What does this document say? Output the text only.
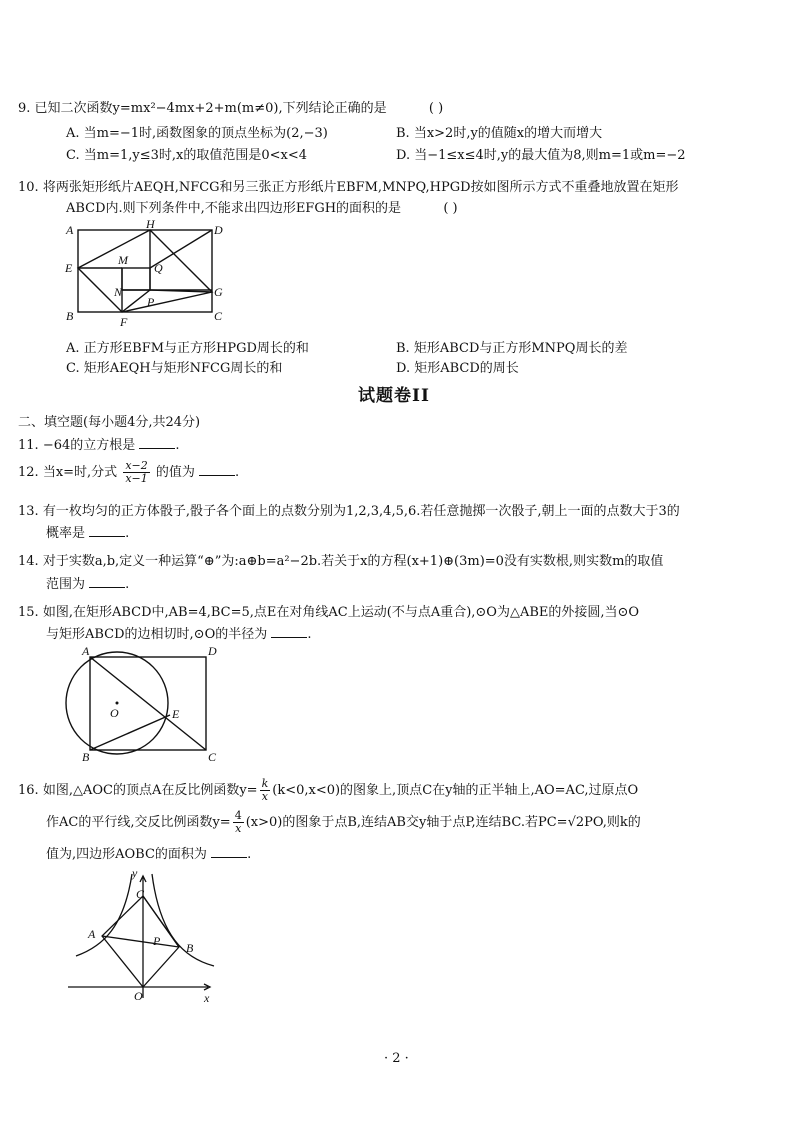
9. 已知二次函数y=mx²−4mx+2+m(m≠0),下列结论正确的是	( )
A. 当m=−1时,函数图象的顶点坐标为(2,−3)	B. 当x>2时,y的值随x的增大而增大
C. 当m=1,y≤3时,x的取值范围是0<x<4	D. 当−1≤x≤4时,y的最大值为8,则m=1或m=−2
10. 将两张矩形纸片AEQH,NFCG和另三张正方形纸片EBFM,MNPQ,HPGD按如图所示方式不重叠地放置在矩形
ABCD内.则下列条件中,不能求出四边形EFGH的面积的是	( )
A	H	D
E
M
Q
N
P
G
B	F	C
A. 正方形EBFM与正方形HPGD周长的和	B. 矩形ABCD与正方形MNPQ周长的差
C. 矩形AEQH与矩形NFCG周长的和	D. 矩形ABCD的周长
试题卷II
二、填空题(每小题4分,共24分)
11. −64的立方根是	.
12. 当x=时,分式 $\frac{x-2}{x-1}$ 的值为	.
13. 有一枚均匀的正方体骰子,骰子各个面上的点数分别为1,2,3,4,5,6.若任意抛掷一次骰子,朝上一面的点数大于3的
概率是	.
14. 对于实数a,b,定义一种运算“⊕”为:a⊕b=a²−2b.若关于x的方程(x+1)⊕(3m)=0没有实数根,则实数m的取值
范围为	.
15. 如图,在矩形ABCD中,AB=4,BC=5,点E在对角线AC上运动(不与点A重合),⊙O为△ABE的外接圆,当⊙O
与矩形ABCD的边相切时,⊙O的半径为	.
A	D
O	E
B	C
16. 如图,△AOC的顶点A在反比例函数$y= \frac{k}{x} (k<0,x<0)$的图象上,顶点C在y轴的正半轴上,AO=AC,过原点O
作AC的平行线,交反比例函数$y= \frac{4}{x} (x>0)$的图象于点B,连结AB交y轴于点P,连结BC.若PC=√2PO,则k的
值为,四边形AOBC的面积为	.
y
C
A	P B
O	x
· 2 ·
